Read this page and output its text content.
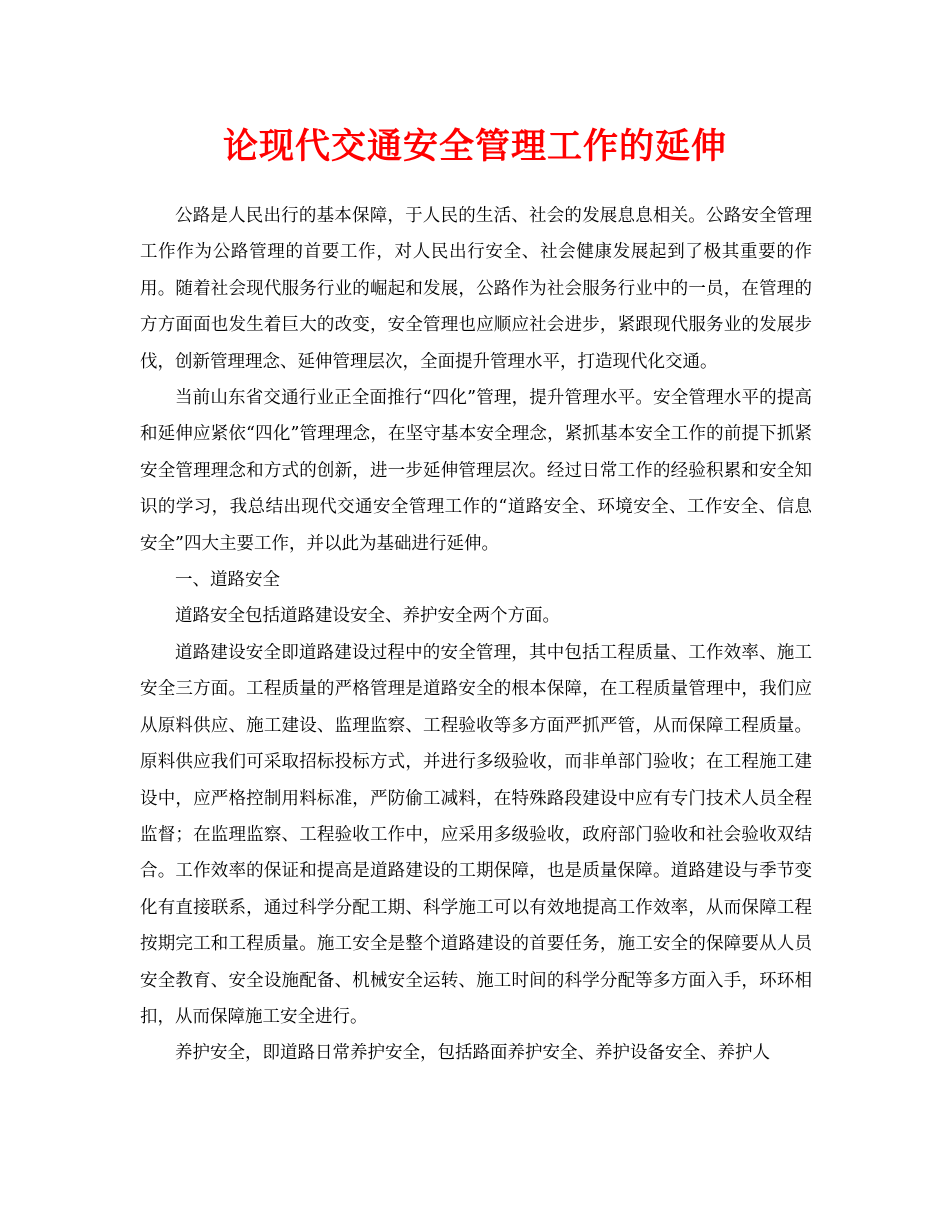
论现代交通安全管理工作的延伸

公路是人民出行的基本保障，于人民的生活、社会的发展息息相关。公路安全管理工作作为公路管理的首要工作，对人民出行安全、社会健康发展起到了极其重要的作用。随着社会现代服务行业的崛起和发展，公路作为社会服务行业中的一员，在管理的方方面面也发生着巨大的改变，安全管理也应顺应社会进步，紧跟现代服务业的发展步伐，创新管理理念、延伸管理层次，全面提升管理水平，打造现代化交通。

当前山东省交通行业正全面推行“四化”管理，提升管理水平。安全管理水平的提高和延伸应紧依“四化”管理理念，在坚守基本安全理念，紧抓基本安全工作的前提下抓紧安全管理理念和方式的创新，进一步延伸管理层次。经过日常工作的经验积累和安全知识的学习，我总结出现代交通安全管理工作的“道路安全、环境安全、工作安全、信息安全”四大主要工作，并以此为基础进行延伸。

一、道路安全

道路安全包括道路建设安全、养护安全两个方面。

道路建设安全即道路建设过程中的安全管理，其中包括工程质量、工作效率、施工安全三方面。工程质量的严格管理是道路安全的根本保障，在工程质量管理中，我们应从原料供应、施工建设、监理监察、工程验收等多方面严抓严管，从而保障工程质量。原料供应我们可采取招标投标方式，并进行多级验收，而非单部门验收；在工程施工建设中，应严格控制用料标准，严防偷工减料，在特殊路段建设中应有专门技术人员全程监督；在监理监察、工程验收工作中，应采用多级验收，政府部门验收和社会验收双结合。工作效率的保证和提高是道路建设的工期保障，也是质量保障。道路建设与季节变化有直接联系，通过科学分配工期、科学施工可以有效地提高工作效率，从而保障工程按期完工和工程质量。施工安全是整个道路建设的首要任务，施工安全的保障要从人员安全教育、安全设施配备、机械安全运转、施工时间的科学分配等多方面入手，环环相扣，从而保障施工安全进行。

养护安全，即道路日常养护安全，包括路面养护安全、养护设备安全、养护人
